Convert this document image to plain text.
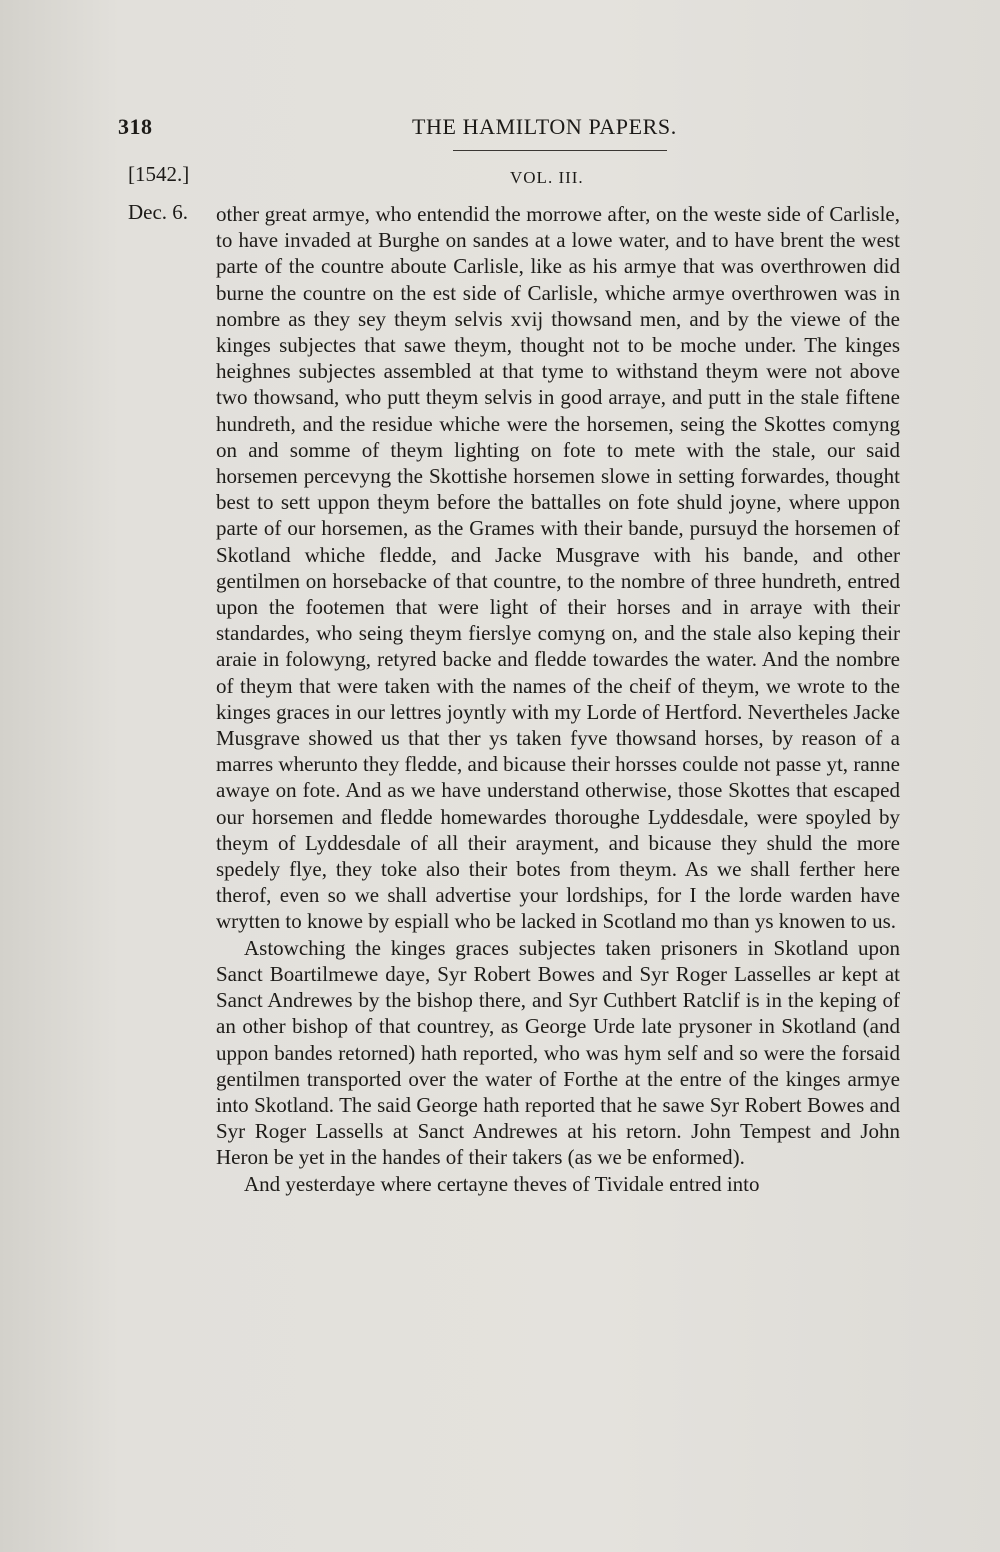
318	THE HAMILTON PAPERS.
[1542.]	VOL. III.
Dec. 6. other great armye, who entendid the morrowe after, on the weste side of Carlisle, to have invaded at Burghe on sandes at a lowe water, and to have brent the west parte of the countre aboute Carlisle, like as his armye that was overthrowen did burne the countre on the est side of Carlisle, whiche armye overthrowen was in nombre as they sey theym selvis xvij thowsand men, and by the viewe of the kinges subjectes that sawe theym, thought not to be moche under. The kinges heighnes subjectes assembled at that tyme to withstand theym were not above two thowsand, who putt theym selvis in good arraye, and putt in the stale fiftene hundreth, and the residue whiche were the horsemen, seing the Skottes comyng on and somme of theym lighting on fote to mete with the stale, our said horsemen percevyng the Skottishe horsemen slowe in setting forwardes, thought best to sett uppon theym before the battalles on fote shuld joyne, where uppon parte of our horsemen, as the Grames with their bande, pursuyd the horsemen of Skotland whiche fledde, and Jacke Musgrave with his bande, and other gentilmen on horsebacke of that countre, to the nombre of three hundreth, entred upon the footemen that were light of their horses and in arraye with their standardes, who seing theym fierslye comyng on, and the stale also keping their araie in folowyng, retyred backe and fledde towardes the water. And the nombre of theym that were taken with the names of the cheif of theym, we wrote to the kinges graces in our lettres joyntly with my Lorde of Hertford. Nevertheles Jacke Musgrave showed us that ther ys taken fyve thowsand horses, by reason of a marres wherunto they fledde, and bicause their horsses coulde not passe yt, ranne awaye on fote. And as we have understand otherwise, those Skottes that escaped our horsemen and fledde homewardes thoroughe Lyddesdale, were spoyled by theym of Lyddesdale of all their arayment, and bicause they shuld the more spedely flye, they toke also their botes from theym. As we shall ferther here therof, even so we shall advertise your lordships, for I the lorde warden have wrytten to knowe by espiall who be lacked in Scotland mo than ys knowen to us.

Astowching the kinges graces subjectes taken prisoners in Skotland upon Sanct Boartilmewe daye, Syr Robert Bowes and Syr Roger Lasselles ar kept at Sanct Andrewes by the bishop there, and Syr Cuthbert Ratclif is in the keping of an other bishop of that countrey, as George Urde late prysoner in Skotland (and uppon bandes retorned) hath reported, who was hym self and so were the forsaid gentilmen transported over the water of Forthe at the entre of the kinges armye into Skotland. The said George hath reported that he sawe Syr Robert Bowes and Syr Roger Lassells at Sanct Andrewes at his retorn. John Tempest and John Heron be yet in the handes of their takers (as we be enformed).

And yesterdaye where certayne theves of Tividale entred into
